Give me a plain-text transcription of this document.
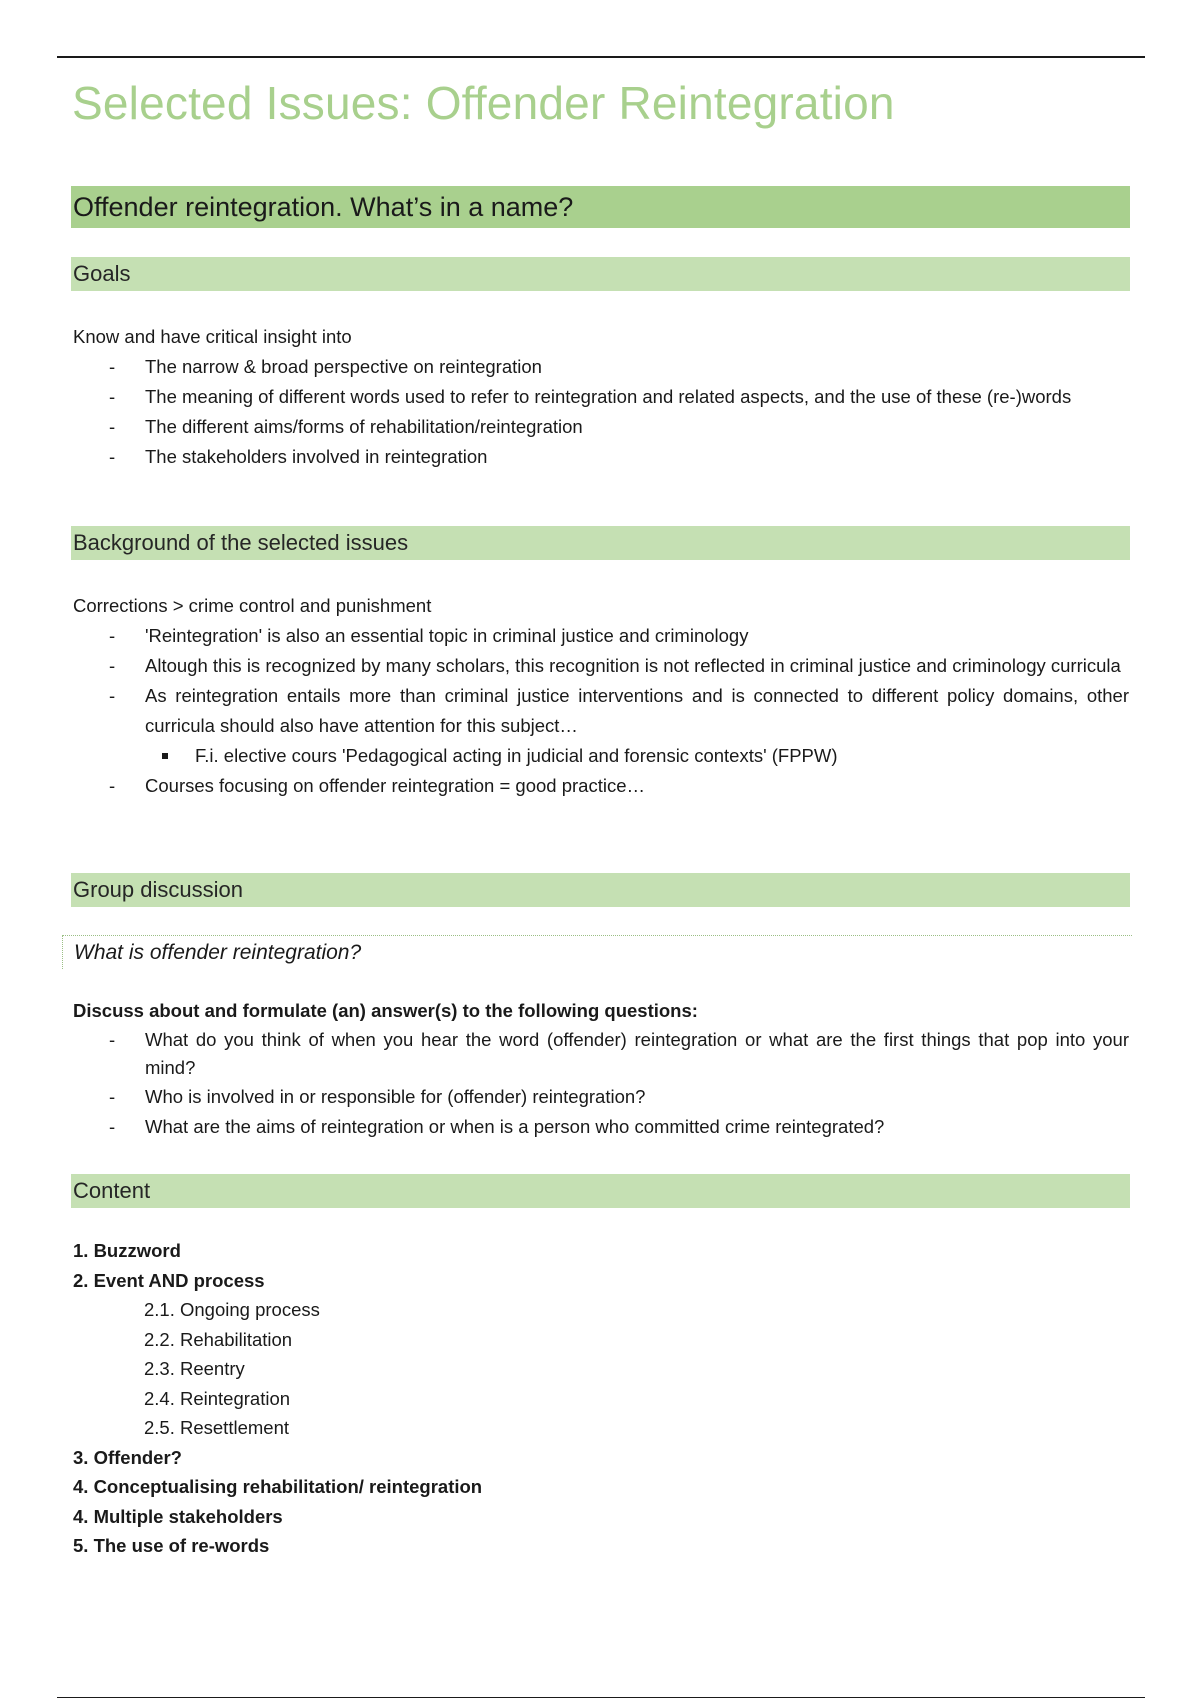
Selected Issues: Offender Reintegration
Offender reintegration. What’s in a name?
Goals

Know and have critical insight into

- The narrow & broad perspective on reintegration
- The meaning of different words used to refer to reintegration and related aspects, and the use of these (re-)words
- The different aims/forms of rehabilitation/reintegration
- The stakeholders involved in reintegration
Background of the selected issues

Corrections > crime control and punishment

- 'Reintegration' is also an essential topic in criminal justice and criminology
- Altough this is recognized by many scholars, this recognition is not reflected in criminal justice and criminology curricula
- As reintegration entails more than criminal justice interventions and is connected to different policy domains, other curricula should also have attention for this subject…
F.i. elective cours 'Pedagogical acting in judicial and forensic contexts' (FPPW)
- Courses focusing on offender reintegration = good practice…
Group discussion
What is offender reintegration?

Discuss about and formulate (an) answer(s) to the following questions:

- What do you think of when you hear the word (offender) reintegration or what are the first things that pop into your mind?
- Who is involved in or responsible for (offender) reintegration?
- What are the aims of reintegration or when is a person who committed crime reintegrated?
Content
1. Buzzword
2. Event AND process
2.1. Ongoing process
2.2. Rehabilitation
2.3. Reentry
2.4. Reintegration
2.5. Resettlement
3. Offender?
4. Conceptualising rehabilitation/ reintegration
4. Multiple stakeholders
5. The use of re-words
